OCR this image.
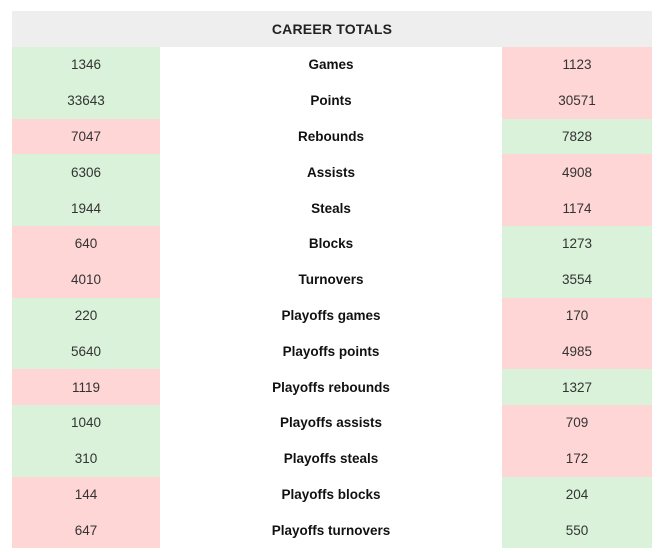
CAREER TOTALS
1346	Games	1123
33643	Points	30571
7047	Rebounds	7828
6306	Assists	4908
1944	Steals	1174
640	Blocks	1273
4010	Turnovers	3554
220	Playoffs games	170
5640	Playoffs points	4985
1119	Playoffs rebounds	1327
1040	Playoffs assists	709
310	Playoffs steals	172
144	Playoffs blocks	204
647	Playoffs turnovers	550
